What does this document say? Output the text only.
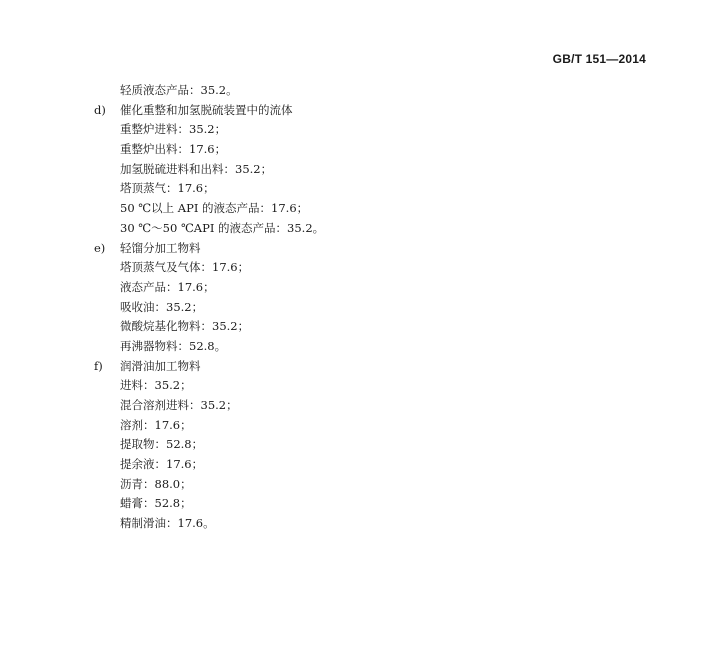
GB/T 151—2014
轻质液态产品：35.2。
d) 催化重整和加氢脱硫装置中的流体
重整炉进料：35.2；
重整炉出料：17.6；
加氢脱硫进料和出料：35.2；
塔顶蒸气：17.6；
50 ℃以上 API 的液态产品：17.6；
30 ℃～50 ℃API 的液态产品：35.2。
e) 轻馏分加工物料
塔顶蒸气及气体：17.6；
液态产品：17.6；
吸收油：35.2；
微酸烷基化物料：35.2；
再沸器物料：52.8。
f) 润滑油加工物料
进料：35.2；
混合溶剂进料：35.2；
溶剂：17.6；
提取物：52.8；
提余液：17.6；
沥青：88.0；
蜡膏：52.8；
精制滑油：17.6。
